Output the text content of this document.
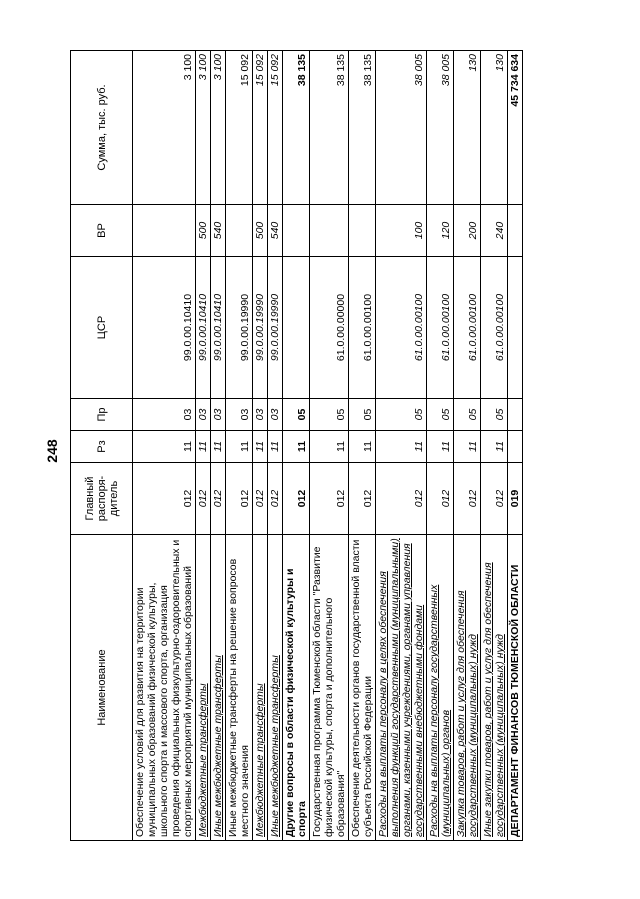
248
Наименование	Главный распоря-дитель	Рз	Пр	ЦСР	ВР	Сумма, тыс. руб.
Обеспечение условий для развития на территории муниципальных образований физической культуры, школьного спорта и массового спорта, организация проведения официальных физкультурно-оздоровительных и спортивных мероприятий муниципальных образований	012	11	03	99.0.00.10410		3 100
Межбюджетные трансферты	012	11	03	99.0.00.10410	500	3 100
Иные межбюджетные трансферты	012	11	03	99.0.00.10410	540	3 100
Иные межбюджетные трансферты на решение вопросов местного значения	012	11	03	99.0.00.19990		15 092
Межбюджетные трансферты	012	11	03	99.0.00.19990	500	15 092
Иные межбюджетные трансферты	012	11	03	99.0.00.19990	540	15 092
Другие вопросы в области физической культуры и спорта	012	11	05			38 135
Государственная программа Тюменской области "Развитие физической культуры, спорта и дополнительного образования"	012	11	05	61.0.00.00000		38 135
Обеспечение деятельности органов государственной власти субъекта Российской Федерации	012	11	05	61.0.00.00100		38 135
Расходы на выплаты персоналу в целях обеспечения выполнения функций государственными (муниципальными) органами, казенными учреждениями, органами управления государственными внебюджетными фондами	012	11	05	61.0.00.00100	100	38 005
Расходы на выплаты персоналу государственных (муниципальных) органов	012	11	05	61.0.00.00100	120	38 005
Закупка товаров, работ и услуг для обеспечения государственных (муниципальных) нужд	012	11	05	61.0.00.00100	200	130
Иные закупки товаров, работ и услуг для обеспечения государственных (муниципальных) нужд	012	11	05	61.0.00.00100	240	130
ДЕПАРТАМЕНТ ФИНАНСОВ ТЮМЕНСКОЙ ОБЛАСТИ	019					45 734 634
